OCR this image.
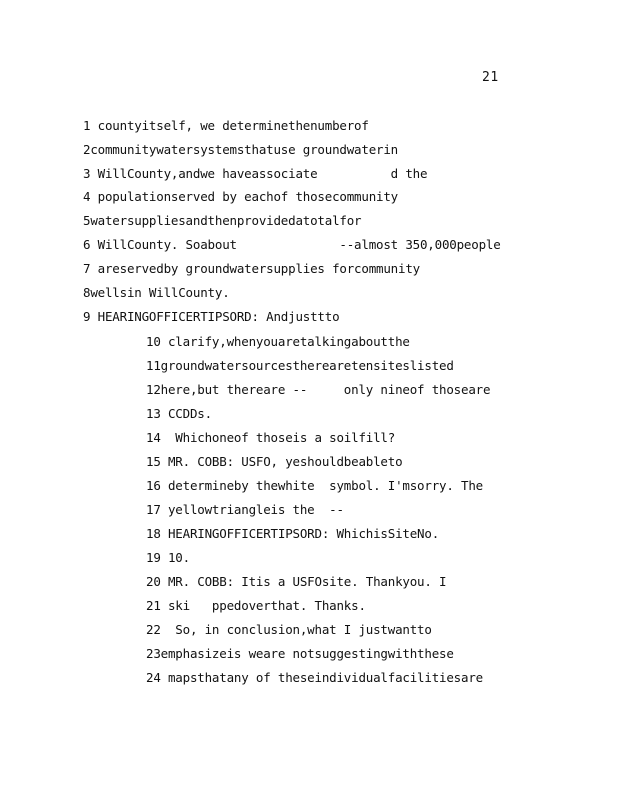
21
1 countyitself, we determinethenumberof
2communitywatersystemsthatuse groundwaterin
3 WillCounty,andwe haveassociate          d the
4 populationserved by eachof thosecommunity
5watersuppliesandthenprovidedatotalfor
6 WillCounty. Soabout              --almost 350,000people
7 areservedby groundwatersupplies forcommunity
8wellsin WillCounty.
9 HEARINGOFFICERTIPSORD: Andjusttto
10 clarify,whenyouaretalkingaboutthe
11groundwatersourcestherearetensiteslisted
12here,but thereare --     only nineof thoseare
13 CCDDs.
14  Whichoneof thoseis a soilfill?
15 MR. COBB: USFO, yeshouldbeableto
16 determineby thewhite  symbol. I'msorry. The
17 yellowtriangleis the  --
18 HEARINGOFFICERTIPSORD: WhichisSiteNo.
19 10.
20 MR. COBB: Itis a USFOsite. Thankyou. I
21 ski   ppedoverthat. Thanks.
22  So, in conclusion,what I justwantto
23emphasizeis weare notsuggestingwiththese
24 mapsthatany of theseindividualfacilitiesare
